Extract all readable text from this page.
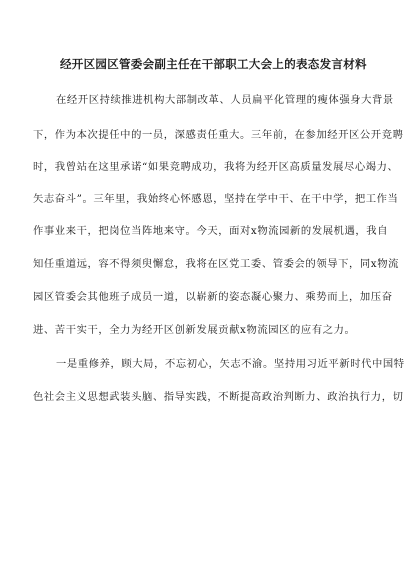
经开区园区管委会副主任在干部职工大会上的表态发言材料
在经开区持续推进机构大部制改革、人员扁平化管理的瘦体强身大背景
下，作为本次提任中的一员，深感责任重大。三年前，在参加经开区公开竞聘
时，我曾站在这里承诺“如果竞聘成功，我将为经开区高质量发展尽心竭力、
矢志奋斗”。三年里，我始终心怀感恩，坚持在学中干、在干中学，把工作当
作事业来干，把岗位当阵地来守。今天，面对x物流园新的发展机遇，我自
知任重道远，容不得须臾懈怠，我将在区党工委、管委会的领导下，同x物流
园区管委会其他班子成员一道，以崭新的姿态凝心聚力、乘势而上，加压奋
进、苦干实干，全力为经开区创新发展贡献x物流园区的应有之力。
一是重修养，顾大局，不忘初心，矢志不渝。坚持用习近平新时代中国特
色社会主义思想武装头脑、指导实践，不断提高政治判断力、政治执行力，切
